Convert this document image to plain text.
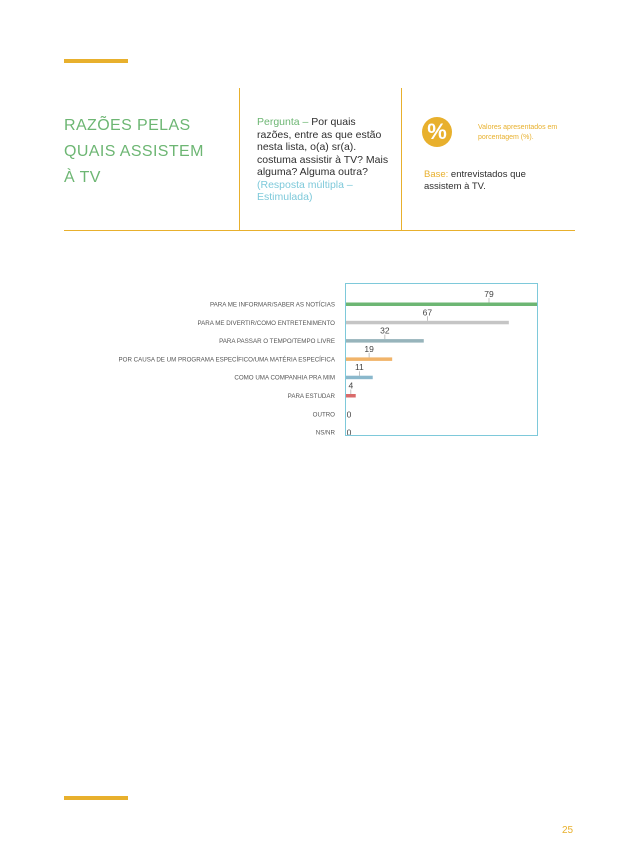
RAZÕES PELAS
QUAIS ASSISTEM
À TV
Pergunta – Por quais razões, entre as que estão nesta lista, o(a) sr(a). costuma assistir à TV? Mais alguma? Alguma outra? (Resposta múltipla – Estimulada)
%	Valores apresentados em porcentagem (%).
Base: entrevistados que assistem à TV.
PARA ME INFORMAR/SABER AS NOTÍCIAS
79
PARA ME DIVERTIR/COMO ENTRETENIMENTO
67
PARA PASSAR O TEMPO/TEMPO LIVRE
32
POR CAUSA DE UM PROGRAMA ESPECÍFICO/UMA MATÉRIA ESPECÍFICA
19
COMO UMA COMPANHIA PRA MIM
11
PARA ESTUDAR
4
OUTRO 0
NS/NR 0
25
